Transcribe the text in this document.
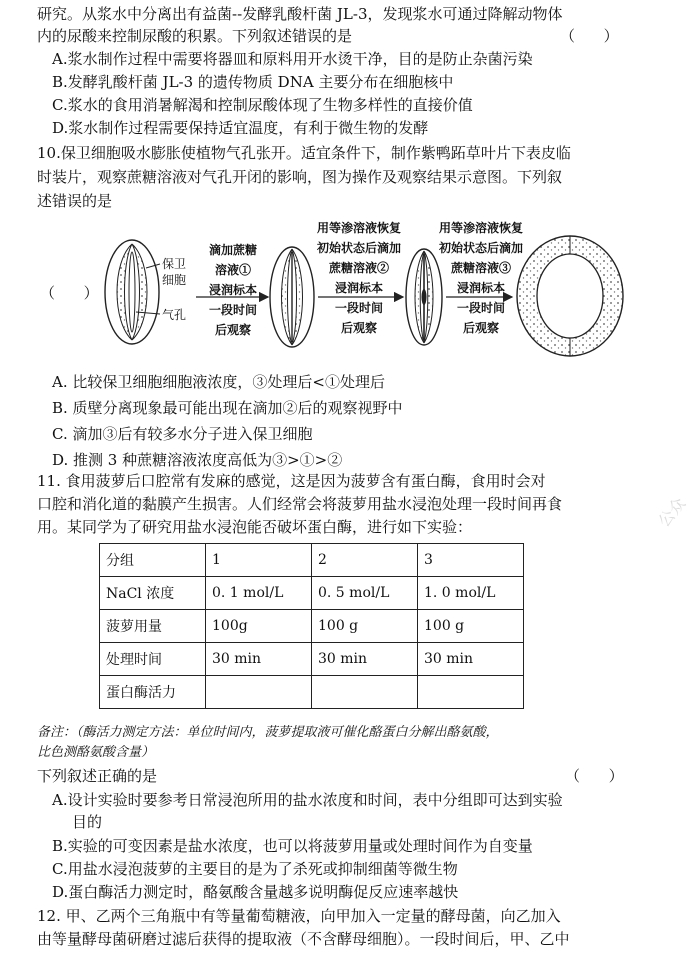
研究。从浆水中分离出有益菌--发酵乳酸杆菌 JL-3，发现浆水可通过降解动物体
内的尿酸来控制尿酸的积累。下列叙述错误的是	（      ）
A.浆水制作过程中需要将器皿和原料用开水烫干净，目的是防止杂菌污染
B.发酵乳酸杆菌 JL-3 的遗传物质 DNA 主要分布在细胞核中
C.浆水的食用消暑解渴和控制尿酸体现了生物多样性的直接价值
D.浆水制作过程需要保持适宜温度，有利于微生物的发酵
10.保卫细胞吸水膨胀使植物气孔张开。适宜条件下，制作紫鸭跖草叶片下表皮临
时装片，观察蔗糖溶液对气孔开闭的影响，图为操作及观察结果示意图。下列叙
述错误的是
（      ）
保卫
细胞
气孔
滴加蔗糖
溶液①
浸润标本
一段时间
后观察
用等渗溶液恢复
初始状态后滴加
蔗糖溶液②
浸润标本
一段时间
后观察
用等渗溶液恢复
初始状态后滴加
蔗糖溶液③
浸润标本
一段时间
后观察
A. 比较保卫细胞细胞液浓度，③处理后<①处理后
B. 质壁分离现象最可能出现在滴加②后的观察视野中
C. 滴加③后有较多水分子进入保卫细胞
D. 推测 3 种蔗糖溶液浓度高低为③>①>②
11. 食用菠萝后口腔常有发麻的感觉，这是因为菠萝含有蛋白酶，食用时会对
口腔和消化道的黏膜产生损害。人们经常会将菠萝用盐水浸泡处理一段时间再食
用。某同学为了研究用盐水浸泡能否破坏蛋白酶，进行如下实验：
分组	1	2	3
NaCl 浓度	0. 1 mol/L	0. 5 mol/L	1. 0 mol/L
菠萝用量	100g	100 g	100 g
处理时间	30 min	30 min	30 min
蛋白酶活力			
备注：（酶活力测定方法：单位时间内，菠萝提取液可催化酪蛋白分解出酪氨酸，
比色测酪氨酸含量）
下列叙述正确的是	（      ）
A.设计实验时要参考日常浸泡所用的盐水浓度和时间，表中分组即可达到实验
目的
B.实验的可变因素是盐水浓度，也可以将菠萝用量或处理时间作为自变量
C.用盐水浸泡菠萝的主要目的是为了杀死或抑制细菌等微生物
D.蛋白酶活力测定时，酪氨酸含量越多说明酶促反应速率越快
12. 甲、乙两个三角瓶中有等量葡萄糖液，向甲加入一定量的酵母菌，向乙加入
由等量酵母菌研磨过滤后获得的提取液（不含酵母细胞）。一段时间后，甲、乙中
公众
